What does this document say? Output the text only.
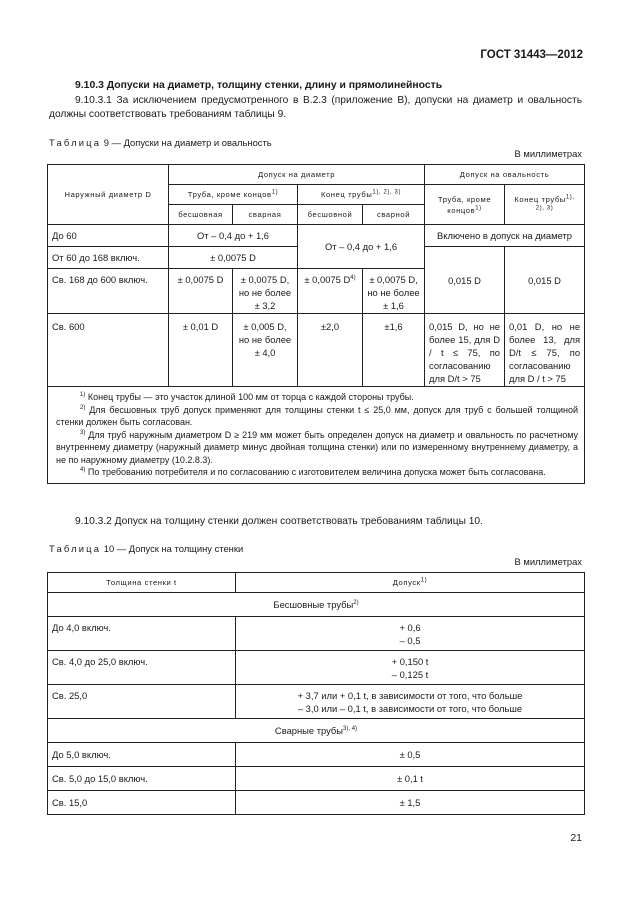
ГОСТ 31443—2012
9.10.3 Допуски на диаметр, толщину стенки, длину и прямолинейность
9.10.3.1 За исключением предусмотренного в В.2.3 (приложение В), допуски на диаметр и овальность должны соответствовать требованиям таблицы 9.
Таблица 9 — Допуски на диаметр и овальность
В миллиметрах
Наружный диаметр D	Допуск на диаметр				Допуск на овальность	
	Труба, кроме концов$^{1)}$		Конец трубы$^{1), 2), 3)}$		Труба, кроме концов$^{1)}$	Конец трубы$^{1), 2), 3)}$
	бесшовная	сварная	бесшовной	сварной		
До 60	От – 0,4 до + 1,6		От – 0,4 до + 1,6		Включено в допуск на диаметр	
От 60 до 168 включ.	± 0,0075 D				0,015 D	0,015 D
Св. 168 до 600 включ.	± 0,0075 D	± 0,0075 D, но не более ± 3,2	± 0,0075 $D^{4)}$	± 0,0075 D, но не более ± 1,6		
Св. 600	± 0,01 D	± 0,005 D, но не более ± 4,0	±2,0	±1,6	0,015 D, но не более 15, для D / t ≤ 75, по согласованию для D/t > 75	0,01 D, но не более 13, для D/t ≤ 75, по согласованию для D / t > 75

$^{1)}$ Конец трубы — это участок длиной 100 мм от торца с каждой стороны трубы.
$^{2)}$ Для бесшовных труб допуск применяют для толщины стенки t ≤ 25,0 мм, допуск для труб с большей толщиной стенки должен быть согласован.
$^{3)}$ Для труб наружным диаметром D ≥ 219 мм может быть определен допуск на диаметр и овальность по расчетному внутреннему диаметру (наружный диаметр минус двойная толщина стенки) или по измеренному внутреннему диаметру, а не по наружному диаметру (10.2.8.3).
$^{4)}$ По требованию потребителя и по согласованию с изготовителем величина допуска может быть согласована.						
9.10.3.2 Допуск на толщину стенки должен соответствовать требованиям таблицы 10.
Таблица 10 — Допуск на толщину стенки
В миллиметрах
Толщина стенки t	Допуск$^{1)}$
Бесшовные трубы$^{2)}$
До 4,0 включ.	+ 0,6
– 0,5

Св. 4,0 до 25,0 включ.	+ 0,150 t
– 0,125 t

Св. 25,0	+ 3,7 или + 0,1 t, в зависимости от того, что больше
– 3,0 или – 0,1 t, в зависимости от того, что больше

Сварные трубы$^{3), 4)}$
До 5,0 включ.	± 0,5
Св. 5,0 до 15,0 включ.	± 0,1 t
Св. 15,0	± 1,5
21
